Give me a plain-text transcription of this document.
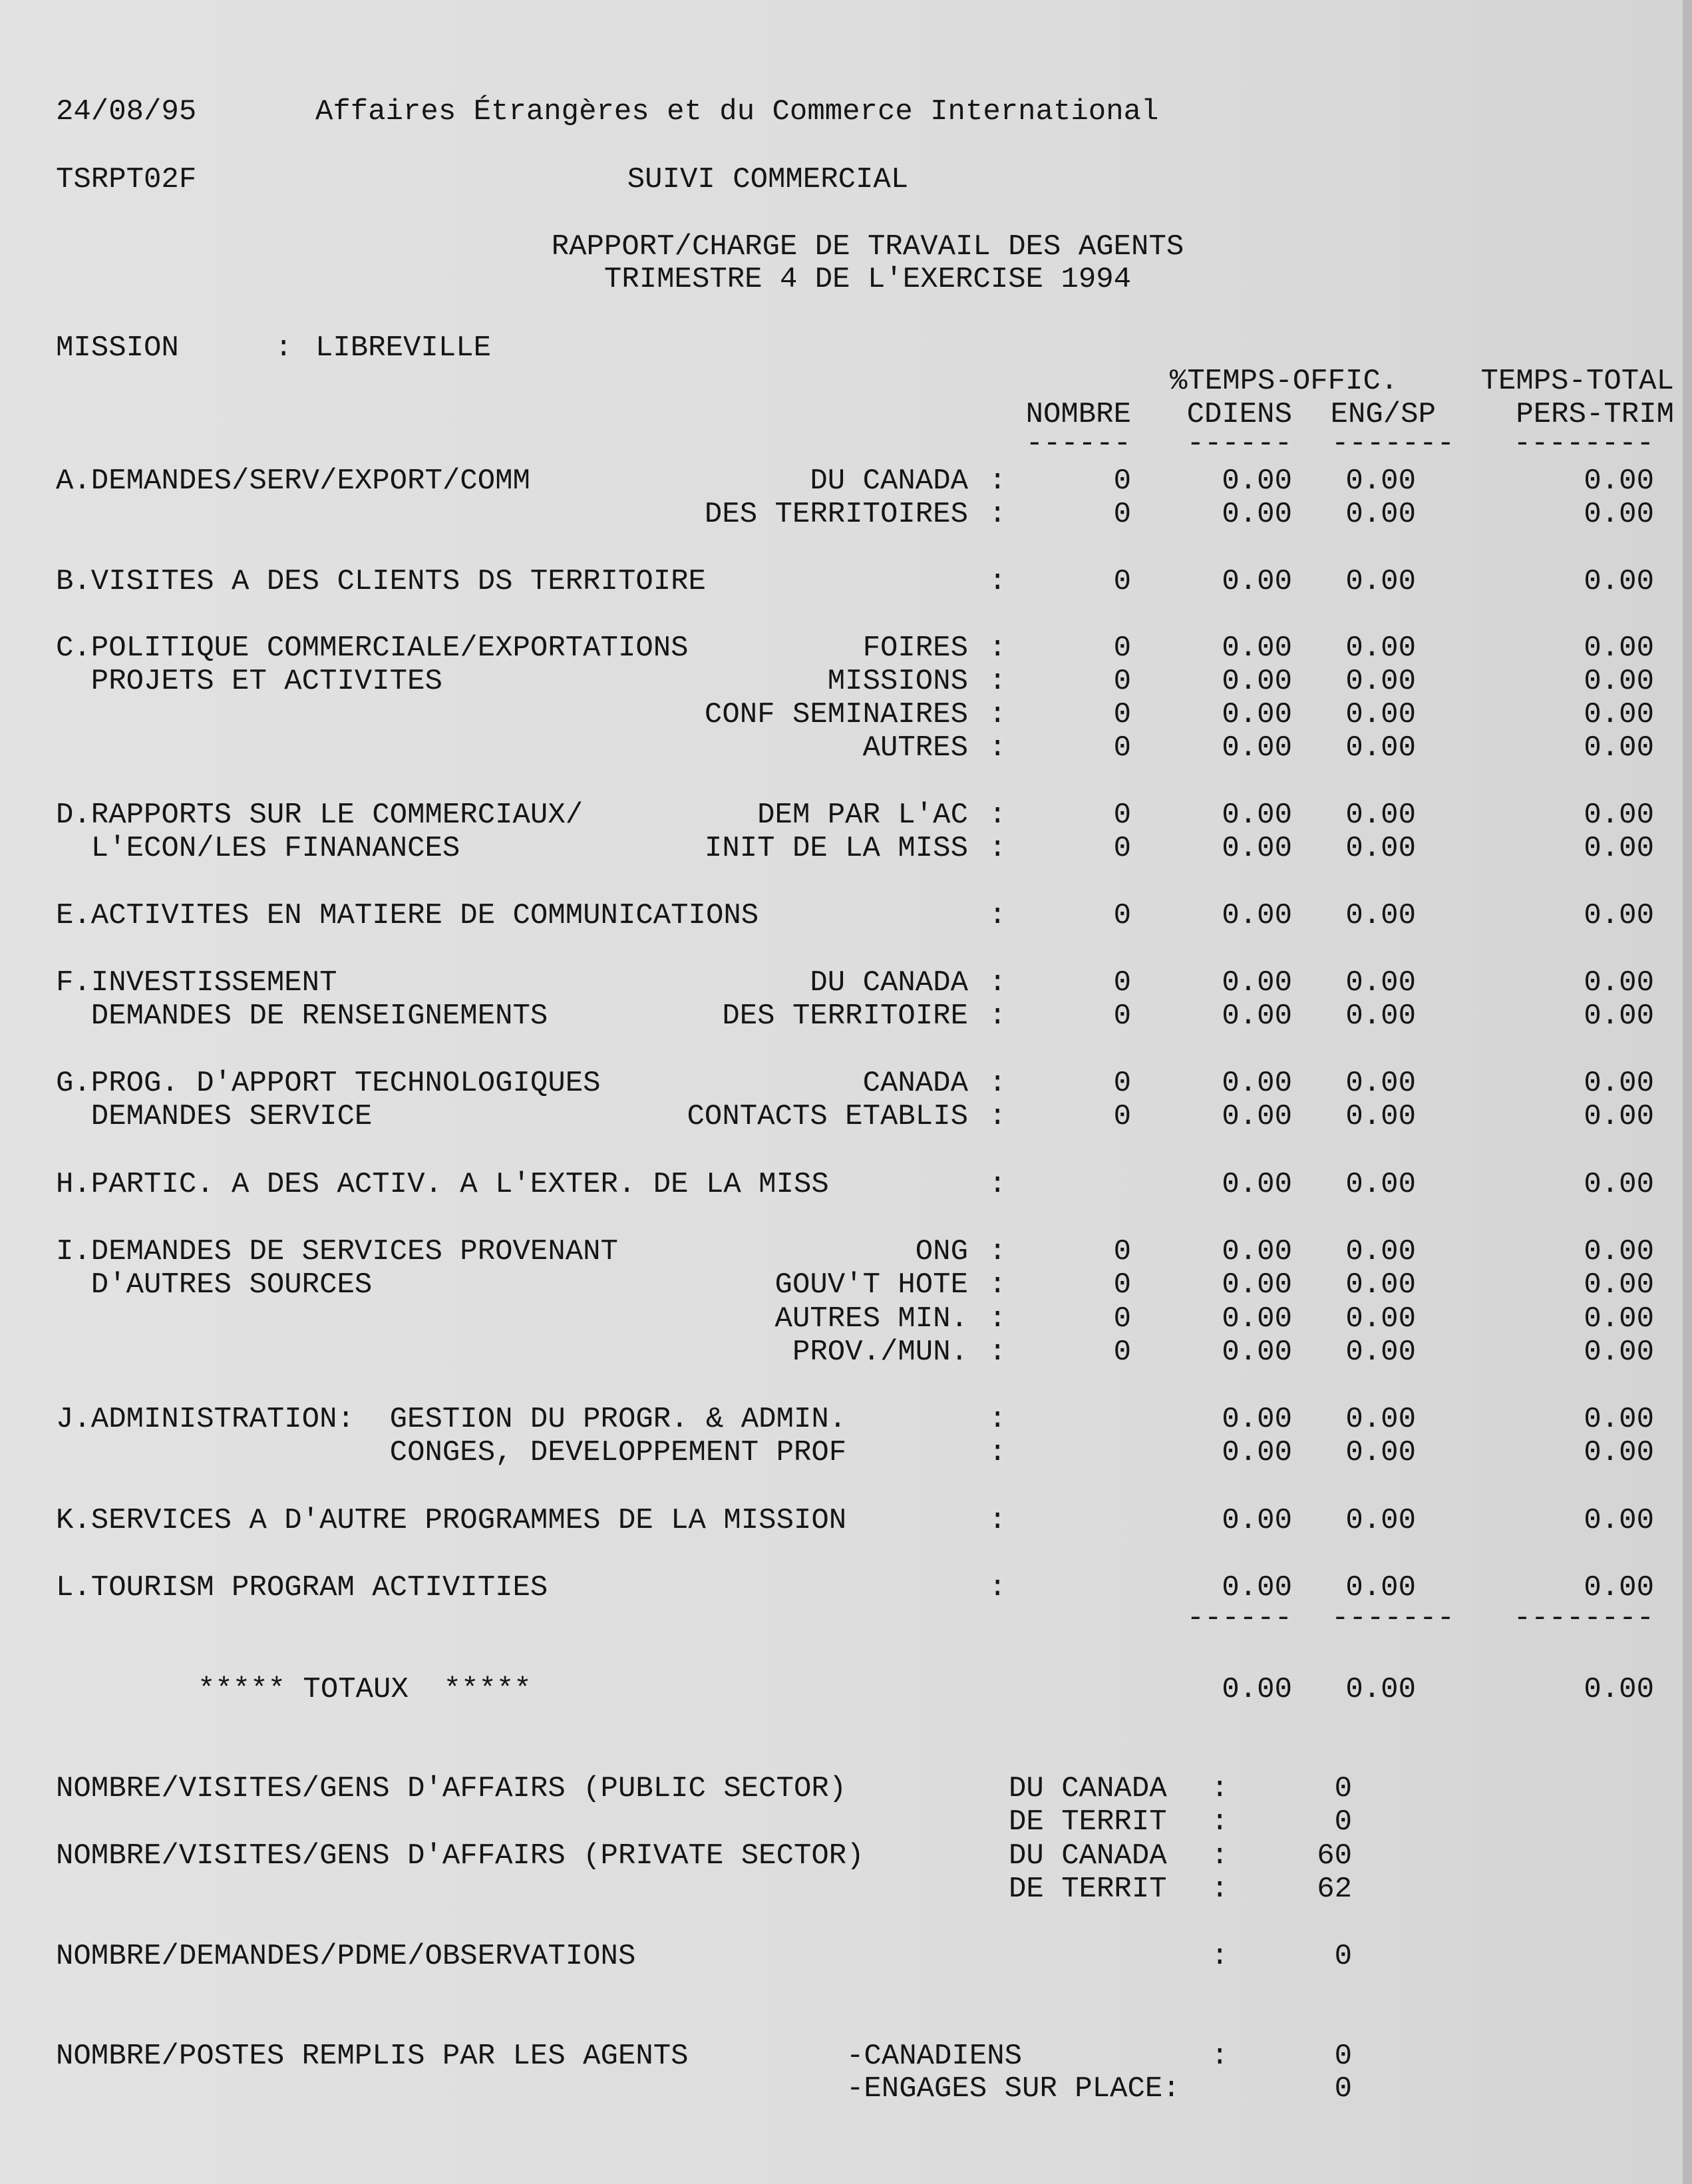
24/08/95	Affaires Étrangères et du Commerce International
TSRPT02F	SUIVI COMMERCIAL
RAPPORT/CHARGE DE TRAVAIL DES AGENTS
TRIMESTRE 4 DE L'EXERCISE 1994
MISSION	: LIBREVILLE
%TEMPS-OFFIC.	TEMPS-TOTAL
NOMBRE CDIENS ENG/SP	PERS-TRIM
------ ------ ------- --------
A.DEMANDES/SERV/EXPORT/COMM	DU CANADA :	0	0.00 0.00	0.00
DES TERRITOIRES :	0	0.00 0.00	0.00
B.VISITES A DES CLIENTS DS TERRITOIRE	:	0	0.00 0.00	0.00
C.POLITIQUE COMMERCIALE/EXPORTATIONS	FOIRES :	0	0.00 0.00	0.00
PROJETS ET ACTIVITES	MISSIONS :	0	0.00 0.00	0.00
CONF SEMINAIRES :	0	0.00 0.00	0.00
AUTRES :	0	0.00 0.00	0.00
D.RAPPORTS SUR LE COMMERCIAUX/	DEM PAR L'AC :	0	0.00 0.00	0.00
L'ECON/LES FINANANCES	INIT DE LA MISS :	0	0.00 0.00	0.00
E.ACTIVITES EN MATIERE DE COMMUNICATIONS	:	0	0.00 0.00	0.00
F.INVESTISSEMENT	DU CANADA :	0	0.00 0.00	0.00
DEMANDES DE RENSEIGNEMENTS	DES TERRITOIRE :	0	0.00 0.00	0.00
G.PROG. D'APPORT TECHNOLOGIQUES	CANADA :	0	0.00 0.00	0.00
DEMANDES SERVICE	CONTACTS ETABLIS :	0	0.00 0.00	0.00
H.PARTIC. A DES ACTIV. A L'EXTER. DE LA MISS	:	0.00 0.00	0.00
I.DEMANDES DE SERVICES PROVENANT	ONG :	0	0.00 0.00	0.00
D'AUTRES SOURCES	GOUV'T HOTE :	0	0.00 0.00	0.00
AUTRES MIN. :	0	0.00 0.00	0.00
PROV./MUN. :	0	0.00 0.00	0.00
J.ADMINISTRATION:  GESTION DU PROGR. & ADMIN.	:	0.00 0.00	0.00
CONGES, DEVELOPPEMENT PROF	:	0.00 0.00	0.00
K.SERVICES A D'AUTRE PROGRAMMES DE LA MISSION	:	0.00 0.00	0.00
L.TOURISM PROGRAM ACTIVITIES	:	0.00 0.00	0.00
------ ------- --------
***** TOTAUX  *****	0.00 0.00	0.00
NOMBRE/VISITES/GENS D'AFFAIRS (PUBLIC SECTOR)	DU CANADA :	0
DE TERRIT :	0
NOMBRE/VISITES/GENS D'AFFAIRS (PRIVATE SECTOR)	DU CANADA :	60
DE TERRIT :	62
NOMBRE/DEMANDES/PDME/OBSERVATIONS	:	0
NOMBRE/POSTES REMPLIS PAR LES AGENTS	-CANADIENS	:	0
-ENGAGES SUR PLACE:	0
